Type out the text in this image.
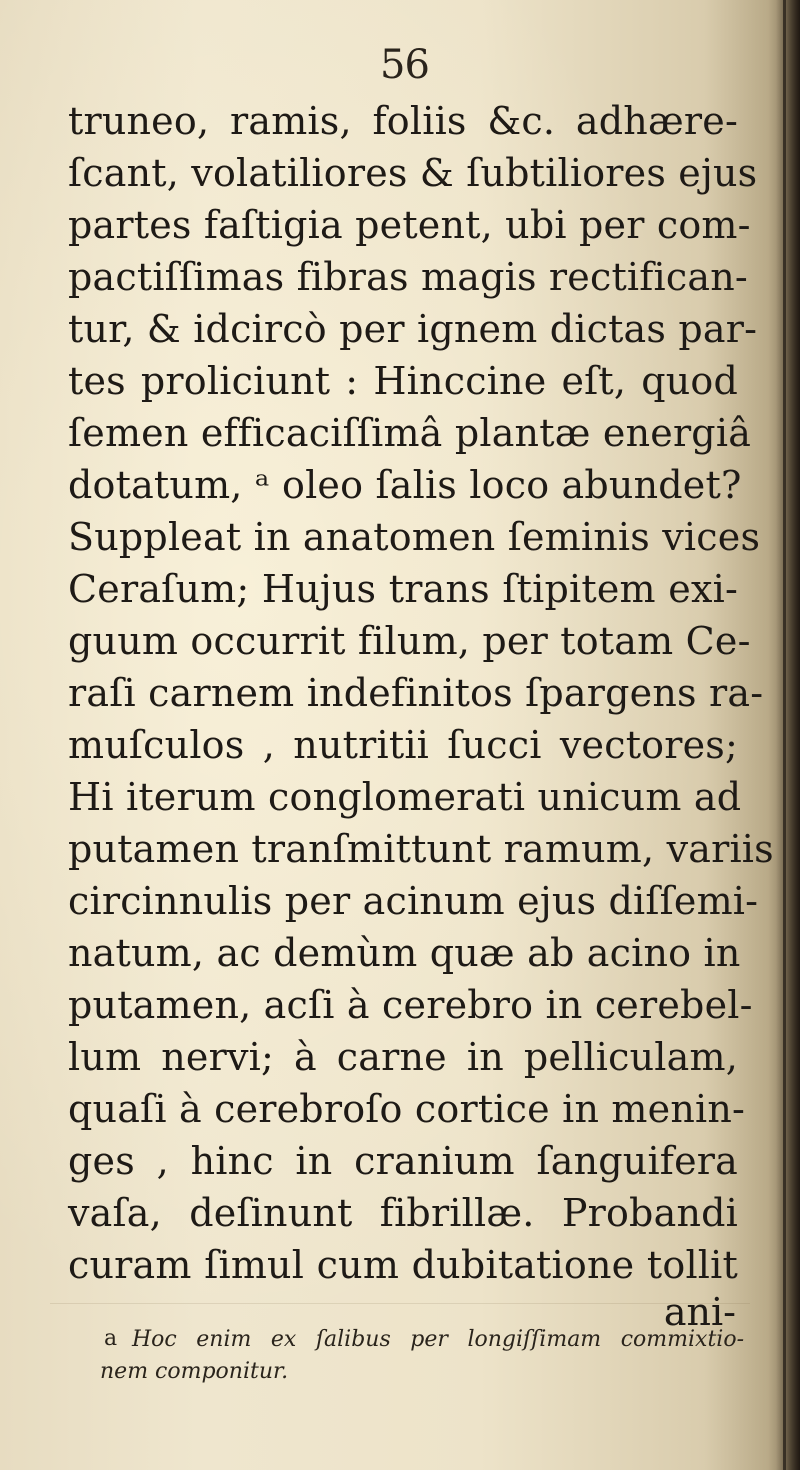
56
truneo, ramis, foliis &c. adhære-
ſcant, volatiliores & ſubtiliores ejus
partes faſtigia petent, ubi per com-
pactiſſimas fibras magis rectifican-
tur, & idcircò per ignem dictas par-
tes proliciunt : Hinccine eſt, quod
ſemen efficaciſſimâ plantæ energiâ
dotatum, ᵃ oleo ſalis loco abundet?
Suppleat in anatomen ſeminis vices
Ceraſum; Hujus trans ſtipitem exi-
guum occurrit filum, per totam Ce-
raſi carnem indefinitos ſpargens ra-
muſculos , nutritii ſucci vectores;
Hi iterum conglomerati unicum ad
putamen tranſmittunt ramum, variis
circinnulis per acinum ejus diſſemi-
natum, ac demùm quæ ab acino in
putamen, acſi à cerebro in cerebel-
lum nervi; à carne in pelliculam,
quaſi à cerebroſo cortice in menin-
ges , hinc in cranium ſanguifera
vaſa, deſinunt fibrillæ. Probandi
curam ſimul cum dubitatione tollit
ani-
a Hoc enim ex ſalibus per longiſſimam commixtio-
nem componitur.
